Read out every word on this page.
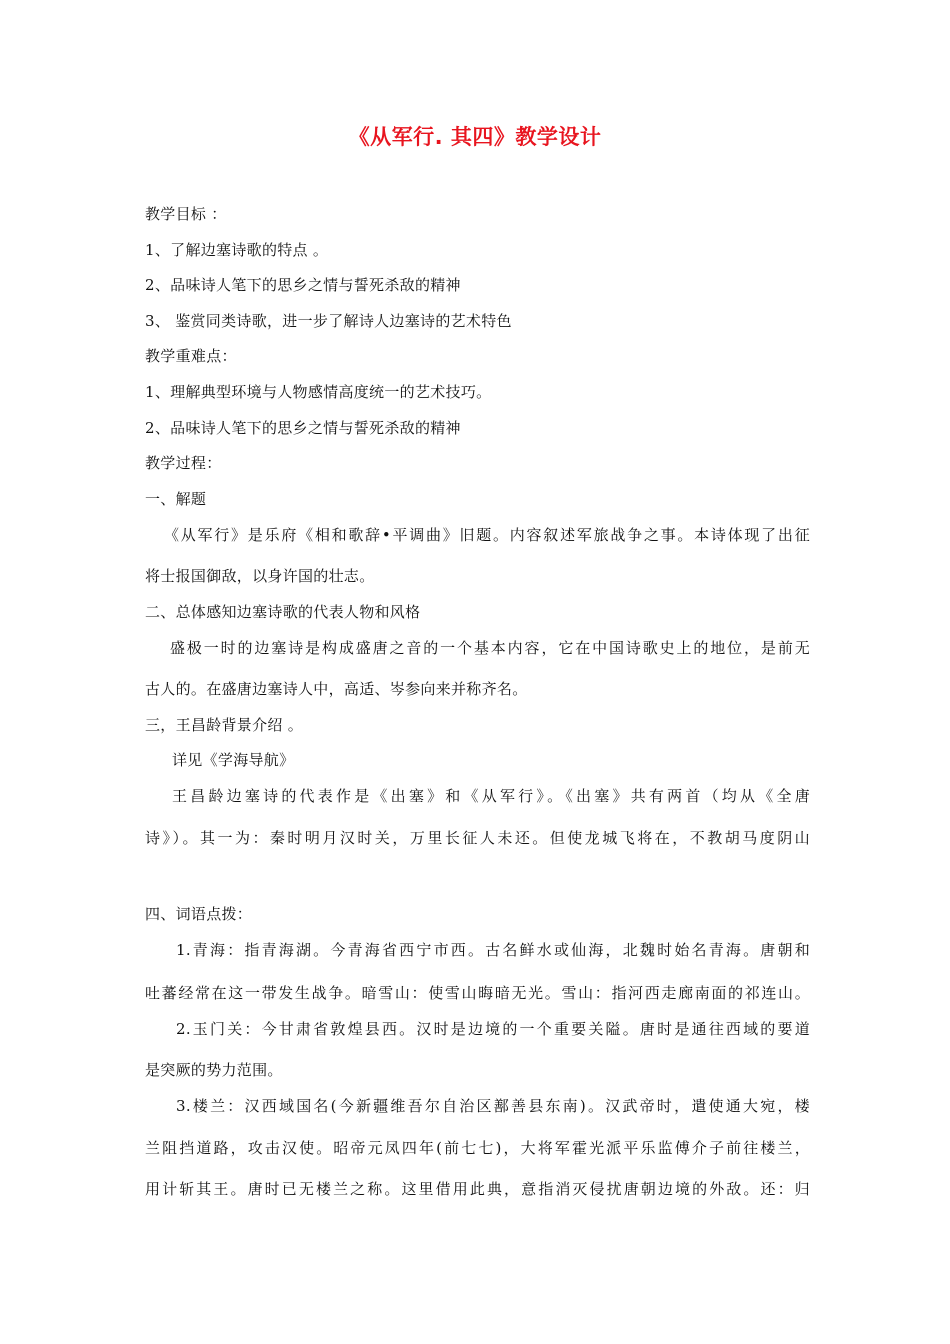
《从军行. 其四》教学设计
教学目标 ：
1、了解边塞诗歌的特点 。
2、品味诗人笔下的思乡之情与誓死杀敌的精神
3、 鉴赏同类诗歌，进一步了解诗人边塞诗的艺术特色
教学重难点：
1、理解典型环境与人物感情高度统一的艺术技巧。
2、品味诗人笔下的思乡之情与誓死杀敌的精神
教学过程：
一、解题
《从军行》是乐府《相和歌辞•平调曲》旧题。内容叙述军旅战争之事。本诗体现了出征
将士报国御敌，以身许国的壮志。
二、总体感知边塞诗歌的代表人物和风格
盛极一时的边塞诗是构成盛唐之音的一个基本内容，它在中国诗歌史上的地位，是前无
古人的。在盛唐边塞诗人中，高适、岑参向来并称齐名。
三，王昌龄背景介绍 。
详见《学海导航》
王昌龄边塞诗的代表作是《出塞》和《从军行》。《出塞》共有两首（均从《全唐
诗》）。其一为：秦时明月汉时关，万里长征人未还。但使龙城飞将在，不教胡马度阴山
四、词语点拨：
1.青海：指青海湖。今青海省西宁市西。古名鲜水或仙海，北魏时始名青海。唐朝和
吐蕃经常在这一带发生战争。暗雪山：使雪山晦暗无光。雪山：指河西走廊南面的祁连山。
2.玉门关：今甘肃省敦煌县西。汉时是边境的一个重要关隘。唐时是通往西域的要道
是突厥的势力范围。
3.楼兰：汉西域国名(今新疆维吾尔自治区鄯善县东南)。汉武帝时，遣使通大宛，楼
兰阻挡道路，攻击汉使。昭帝元凤四年(前七七)，大将军霍光派平乐监傅介子前往楼兰，
用计斩其王。唐时已无楼兰之称。这里借用此典，意指消灭侵扰唐朝边境的外敌。还：归
